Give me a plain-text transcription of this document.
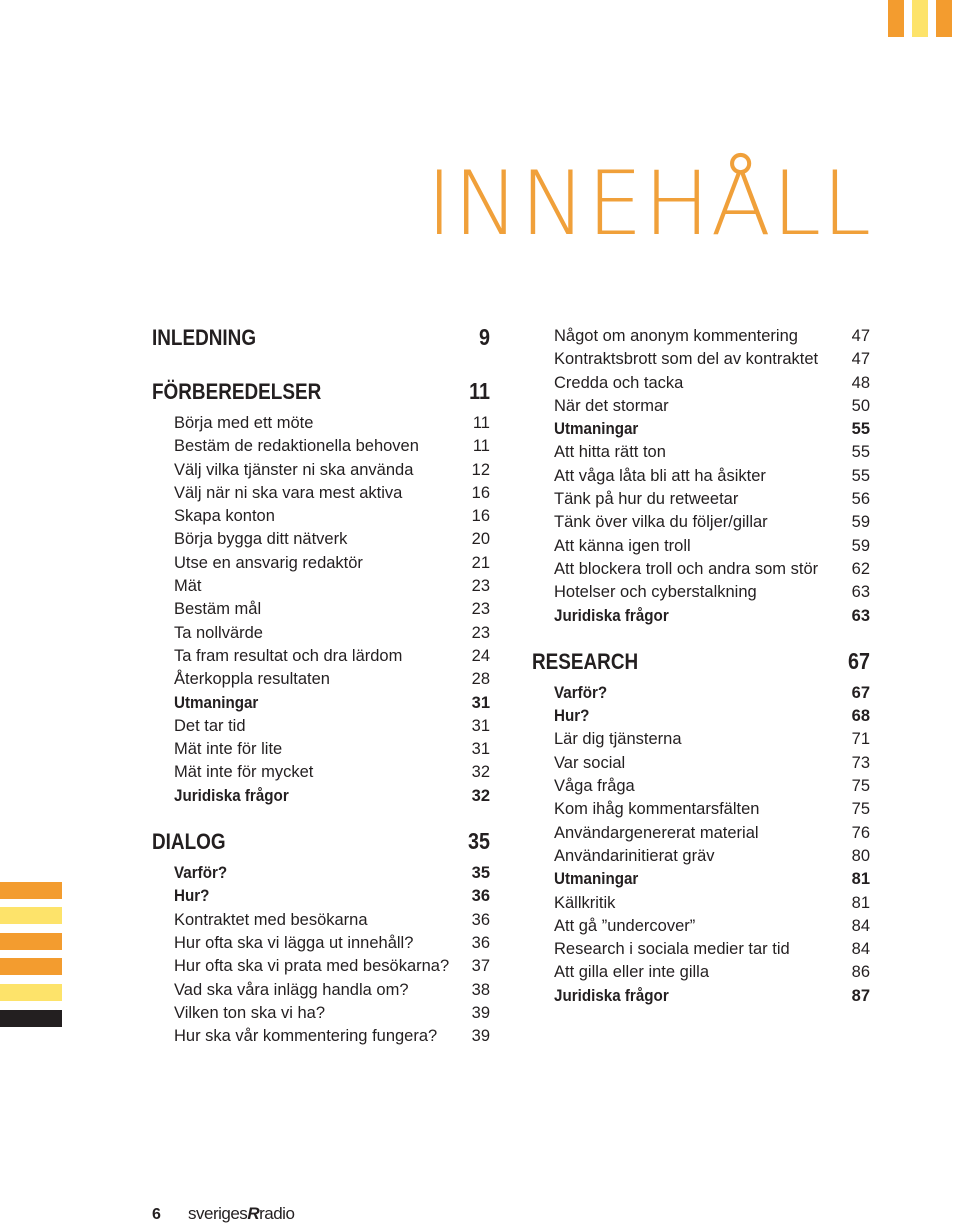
INNEHÅLL
INLEDNING	9
FÖRBEREDELSER	11
Börja med ett möte	11
Bestäm de redaktionella behoven	11
Välj vilka tjänster ni ska använda	12
Välj när ni ska vara mest aktiva	16
Skapa konton	16
Börja bygga ditt nätverk	20
Utse en ansvarig redaktör	21
Mät	23
Bestäm mål	23
Ta nollvärde	23
Ta fram resultat och dra lärdom	24
Återkoppla resultaten	28
Utmaningar	31
Det tar tid	31
Mät inte för lite	31
Mät inte för mycket	32
Juridiska frågor	32
DIALOG	35
Varför?	35
Hur?	36
Kontraktet med besökarna	36
Hur ofta ska vi lägga ut innehåll?	36
Hur ofta ska vi prata med besökarna? 37
Vad ska våra inlägg handla om?	38
Vilken ton ska vi ha?	39
Hur ska vår kommentering fungera? 39
Något om anonym kommentering	47
Kontraktsbrott som del av kontraktet 47
Credda och tacka	48
När det stormar	50
Utmaningar	55
Att hitta rätt ton	55
Att våga låta bli att ha åsikter	55
Tänk på hur du retweetar	56
Tänk över vilka du följer/gillar	59
Att känna igen troll	59
Att blockera troll och andra som stör 62
Hotelser och cyberstalkning	63
Juridiska frågor	63
RESEARCH	67
Varför?	67
Hur?	68
Lär dig tjänsterna	71
Var social	73
Våga fråga	75
Kom ihåg kommentarsfälten	75
Användargenererat material	76
Användarinitierat gräv	80
Utmaningar	81
Källkritik	81
Att gå ”undercover”	84
Research i sociala medier tar tid	84
Att gilla eller inte gilla	86
Juridiska frågor	87
6 sverigesRradio
